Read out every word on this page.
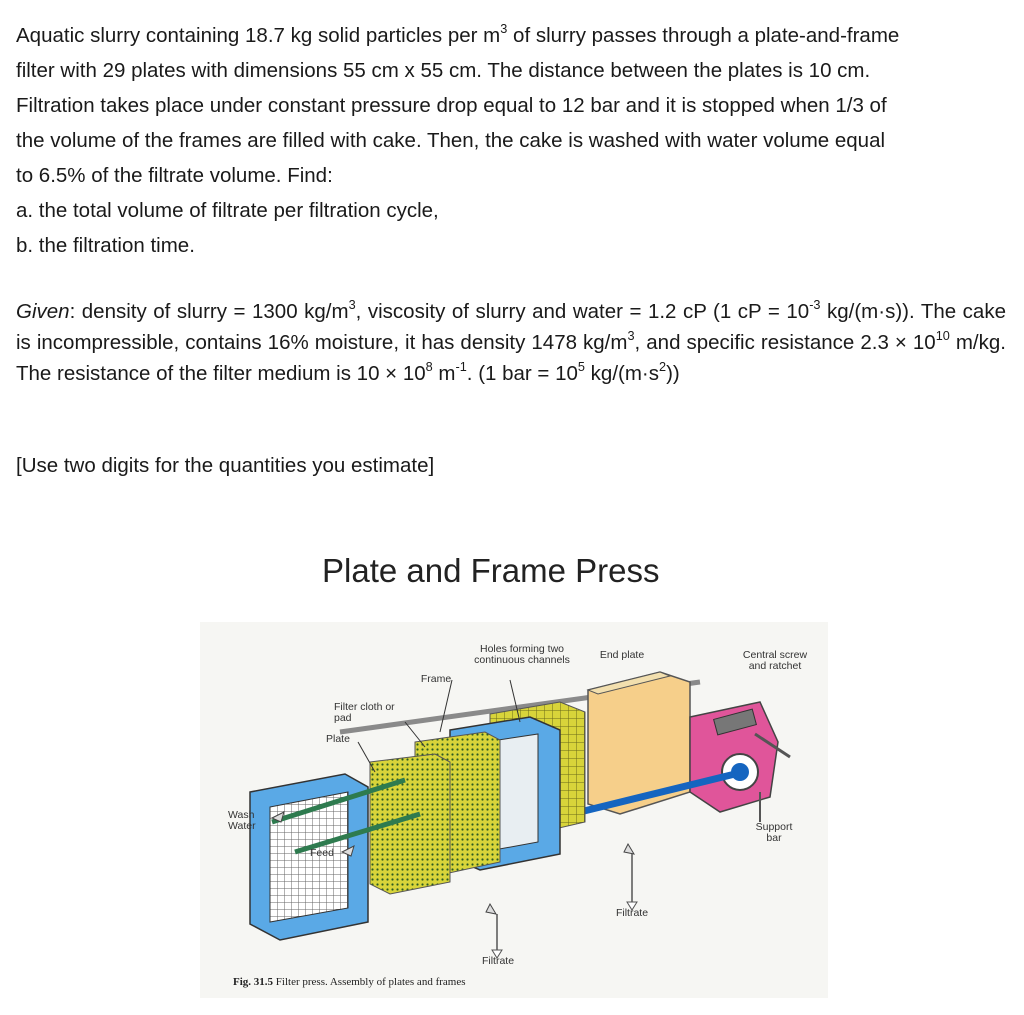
Aquatic slurry containing 18.7 kg solid particles per $m^3$ of slurry passes through a plate-and-frame

filter with 29 plates with dimensions 55 cm x 55 cm. The distance between the plates is 10 cm.

Filtration takes place under constant pressure drop equal to 12 bar and it is stopped when 1/3 of

the volume of the frames are filled with cake. Then, the cake is washed with water volume equal

to 6.5% of the filtrate volume. Find:

a. the total volume of filtrate per filtration cycle,

b. the filtration time.

Given: density of slurry = 1300 $kg/m^3$, viscosity of slurry and water = 1.2 cP (1 cP = $10^{-3}$ kg/(m·s)). The cake is incompressible, contains 16% moisture, it has density 1478 $kg/m^3$, and specific resistance $2.3 \times 10^{10}$ m/kg. The resistance of the filter medium is $10 \times 10^8$ $m^{-1}$. (1 bar = $10^5$ $kg/(m\cdot s^2)$)

[Use two digits for the quantities you estimate]
Plate and Frame Press
Holes forming two continuous channels	End plate	Central screw and ratchet
Frame
Filter cloth or pad
Plate
Wash Water
Feed
Support bar
Filtrate
Filtrate
Fig. 31.5 Filter press. Assembly of plates and frames
